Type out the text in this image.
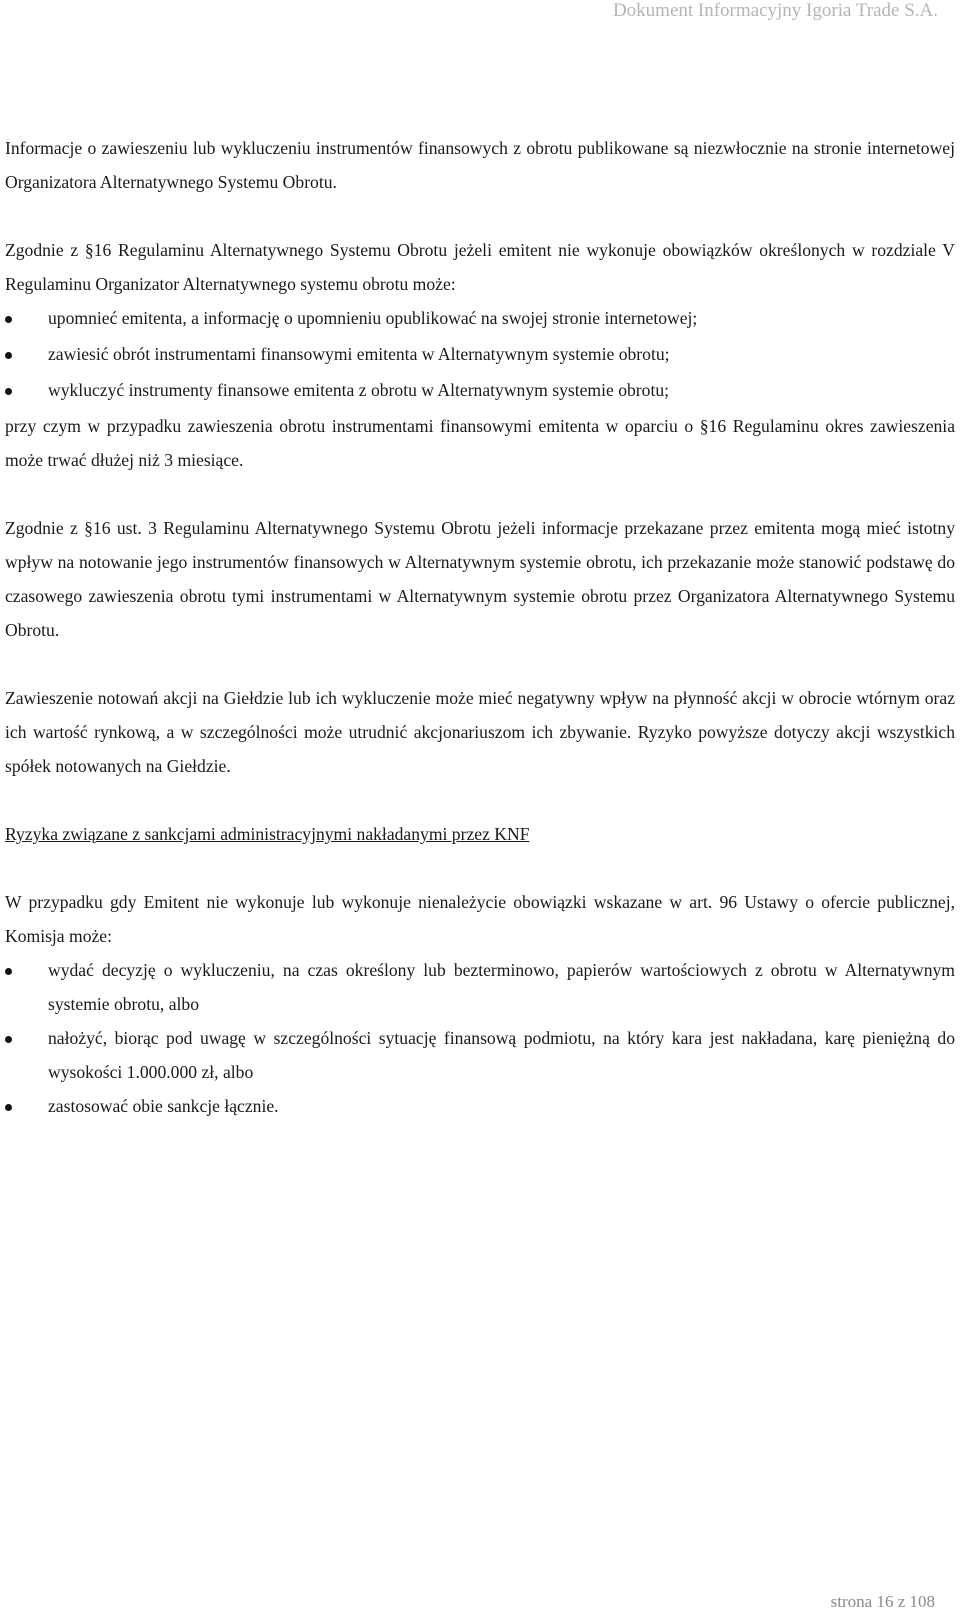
Dokument Informacyjny Igoria Trade S.A.

Informacje o zawieszeniu lub wykluczeniu instrumentów finansowych z obrotu publikowane są niezwłocznie na stronie internetowej Organizatora Alternatywnego Systemu Obrotu.

Zgodnie z §16 Regulaminu Alternatywnego Systemu Obrotu jeżeli emitent nie wykonuje obowiązków określonych w rozdziale V Regulaminu Organizator Alternatywnego systemu obrotu może:

upomnieć emitenta, a informację o upomnieniu opublikować na swojej stronie internetowej;
zawiesić obrót instrumentami finansowymi emitenta w Alternatywnym systemie obrotu;
wykluczyć instrumenty finansowe emitenta z obrotu w Alternatywnym systemie obrotu;

przy czym w przypadku zawieszenia obrotu instrumentami finansowymi emitenta w oparciu o §16 Regulaminu okres zawieszenia może trwać dłużej niż 3 miesiące.

Zgodnie z §16 ust. 3 Regulaminu Alternatywnego Systemu Obrotu jeżeli informacje przekazane przez emitenta mogą mieć istotny wpływ na notowanie jego instrumentów finansowych w Alternatywnym systemie obrotu, ich przekazanie może stanowić podstawę do czasowego zawieszenia obrotu tymi instrumentami w Alternatywnym systemie obrotu przez Organizatora Alternatywnego Systemu Obrotu.

Zawieszenie notowań akcji na Giełdzie lub ich wykluczenie może mieć negatywny wpływ na płynność akcji w obrocie wtórnym oraz ich wartość rynkową, a w szczególności może utrudnić akcjonariuszom ich zbywanie. Ryzyko powyższe dotyczy akcji wszystkich spółek notowanych na Giełdzie.

Ryzyka związane z sankcjami administracyjnymi nakładanymi przez KNF

W przypadku gdy Emitent nie wykonuje lub wykonuje nienależycie obowiązki wskazane w art. 96 Ustawy o ofercie publicznej, Komisja może:

wydać decyzję o wykluczeniu, na czas określony lub bezterminowo, papierów wartościowych z obrotu w Alternatywnym systemie obrotu, albo
nałożyć, biorąc pod uwagę w szczególności sytuację finansową podmiotu, na który kara jest nakładana, karę pieniężną do wysokości 1.000.000 zł, albo
zastosować obie sankcje łącznie.
strona 16 z 108
